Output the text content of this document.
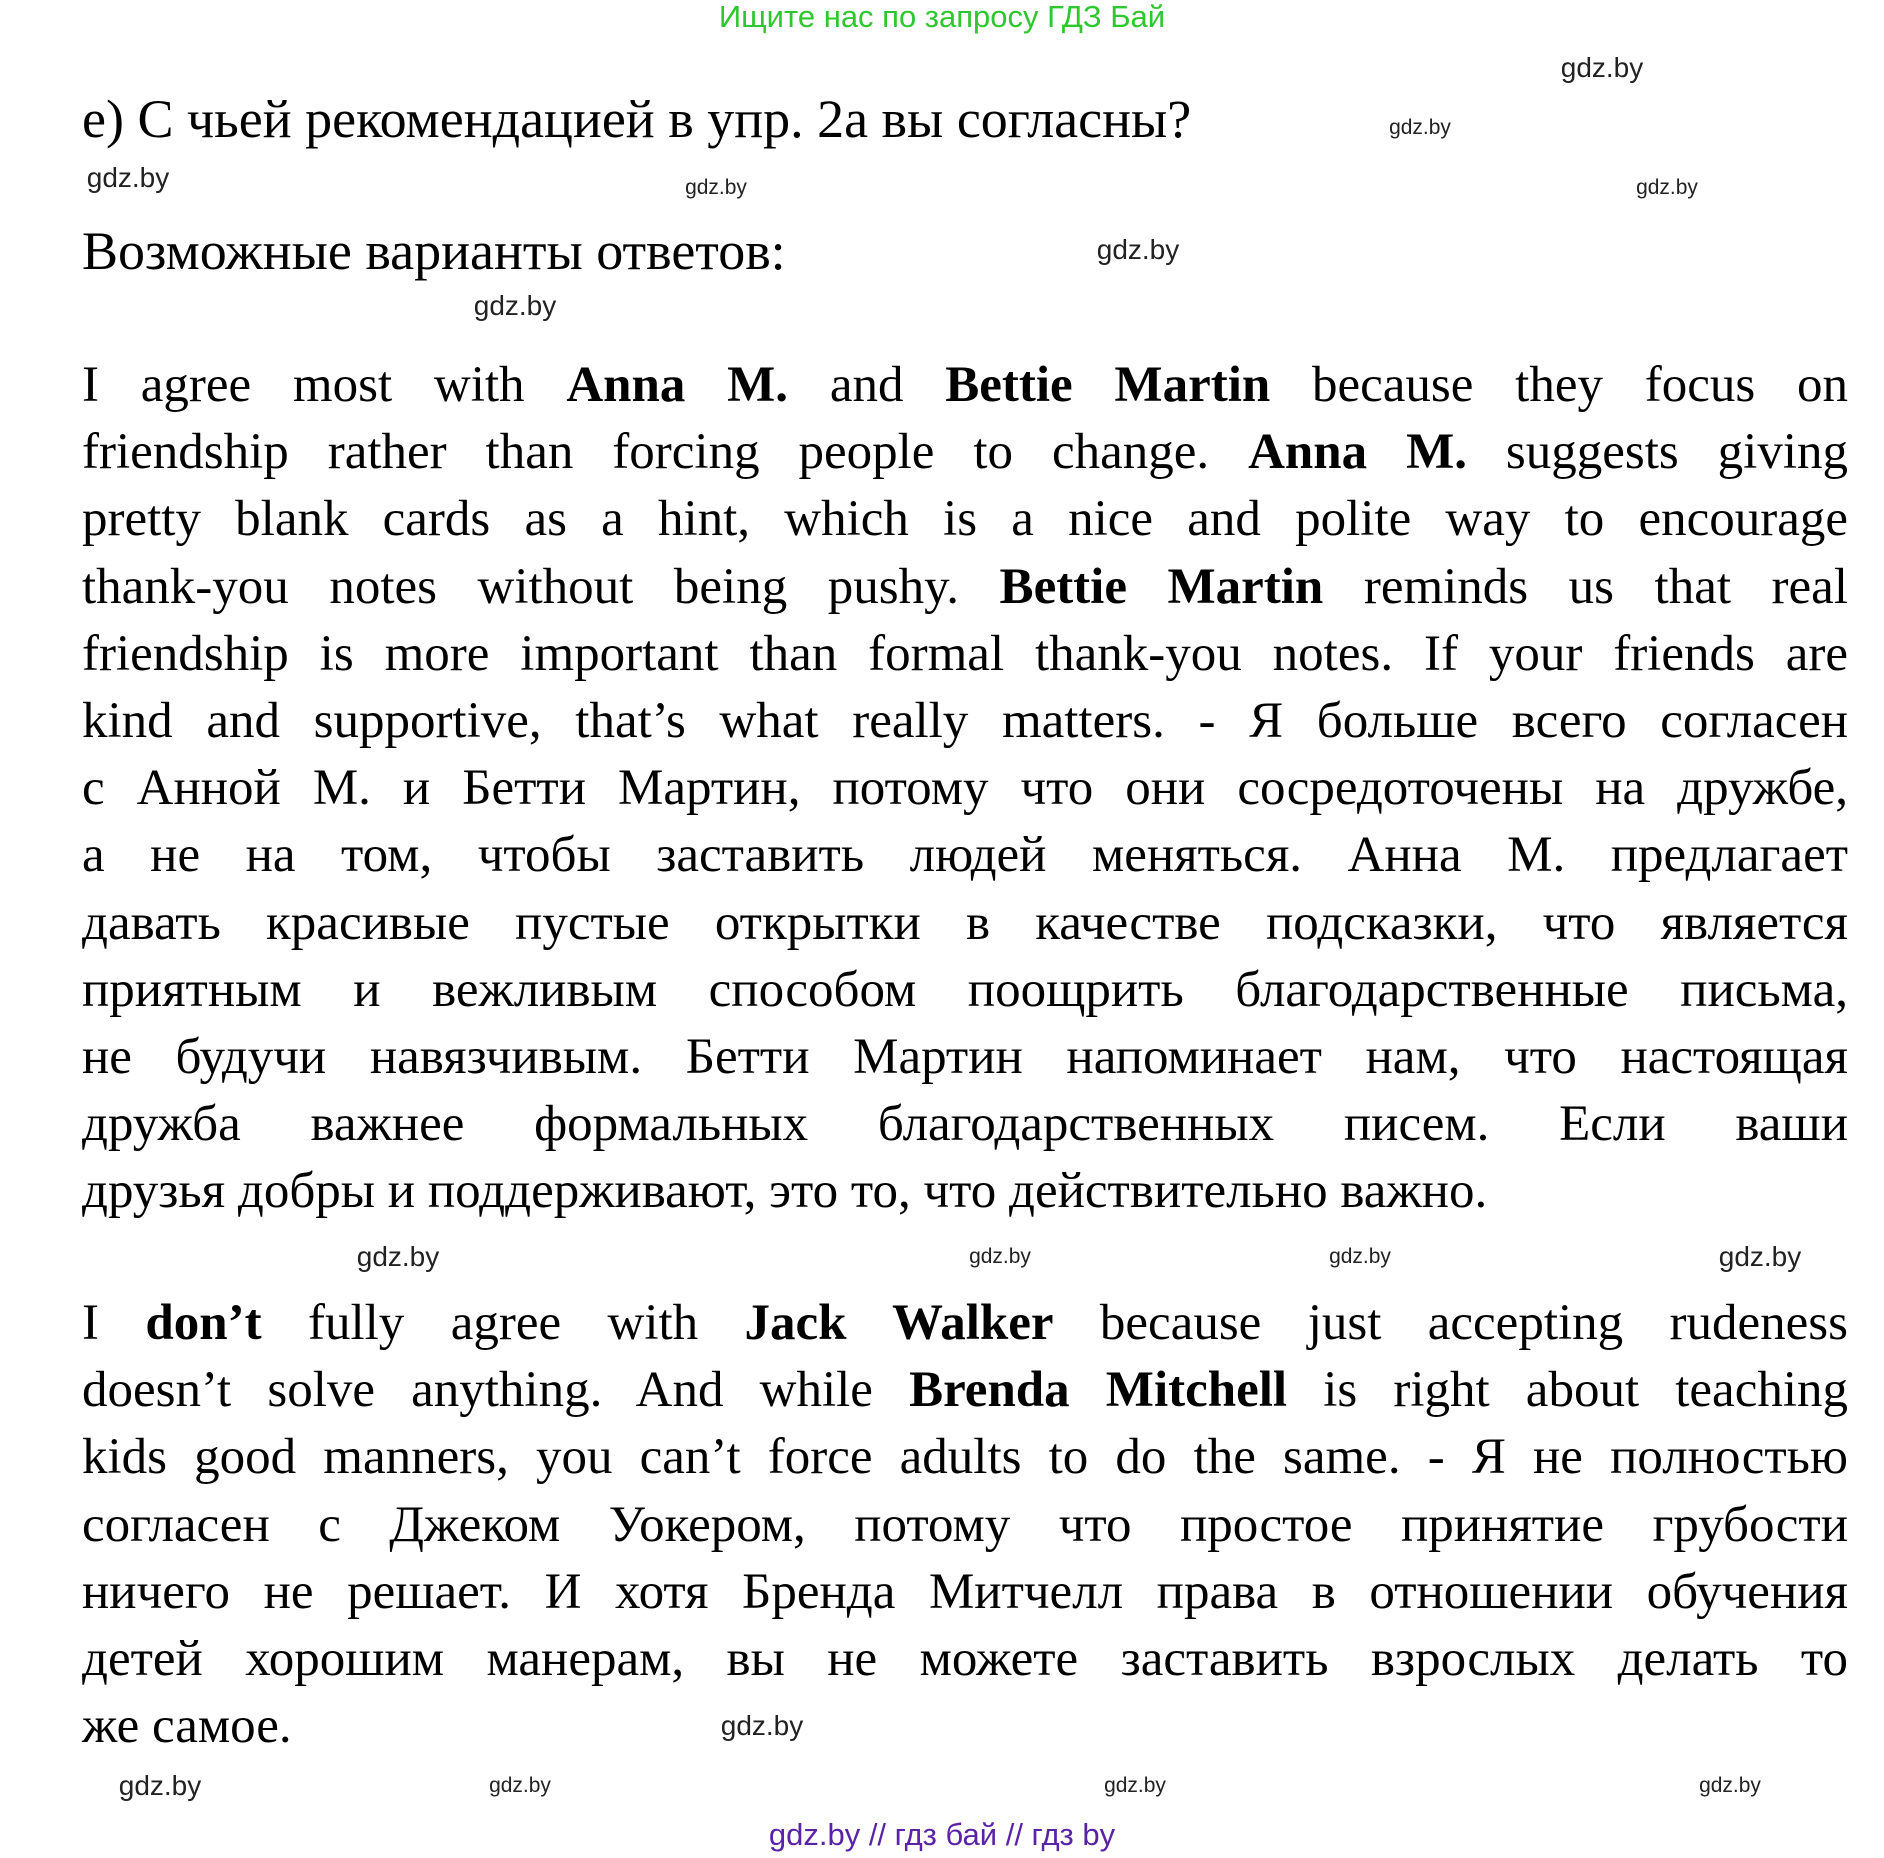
Ищите нас по запросу ГДЗ Бай
е) С чьей рекомендацией в упр. 2а вы согласны?
Возможные варианты ответов:
I agree most with Anna M. and Bettie Martin because they focus on
friendship rather than forcing people to change. Anna M. suggests giving
pretty blank cards as a hint, which is a nice and polite way to encourage
thank-you notes without being pushy. Bettie Martin reminds us that real
friendship is more important than formal thank-you notes. If your friends are
kind and supportive, that’s what really matters. - Я больше всего согласен
с Анной М. и Бетти Мартин, потому что они сосредоточены на дружбе,
а не на том, чтобы заставить людей меняться. Анна М. предлагает
давать красивые пустые открытки в качестве подсказки, что является
приятным и вежливым способом поощрить благодарственные письма,
не будучи навязчивым. Бетти Мартин напоминает нам, что настоящая
дружба важнее формальных благодарственных писем. Если ваши
друзья добры и поддерживают, это то, что действительно важно.
I don’t fully agree with Jack Walker because just accepting rudeness
doesn’t solve anything. And while Brenda Mitchell is right about teaching
kids good manners, you can’t force adults to do the same. - Я не полностью
согласен с Джеком Уокером, потому что простое принятие грубости
ничего не решает. И хотя Бренда Митчелл права в отношении обучения
детей хорошим манерам, вы не можете заставить взрослых делать то
же самое.
gdz.by
gdz.by
gdz.by
gdz.by
gdz.by	gdz.by
gdz.by
gdz.by
gdz.by
gdz.by	gdz.by
gdz.by
gdz.by	gdz.by
gdz.by
gdz.by
gdz.by // гдз бай // гдз by
